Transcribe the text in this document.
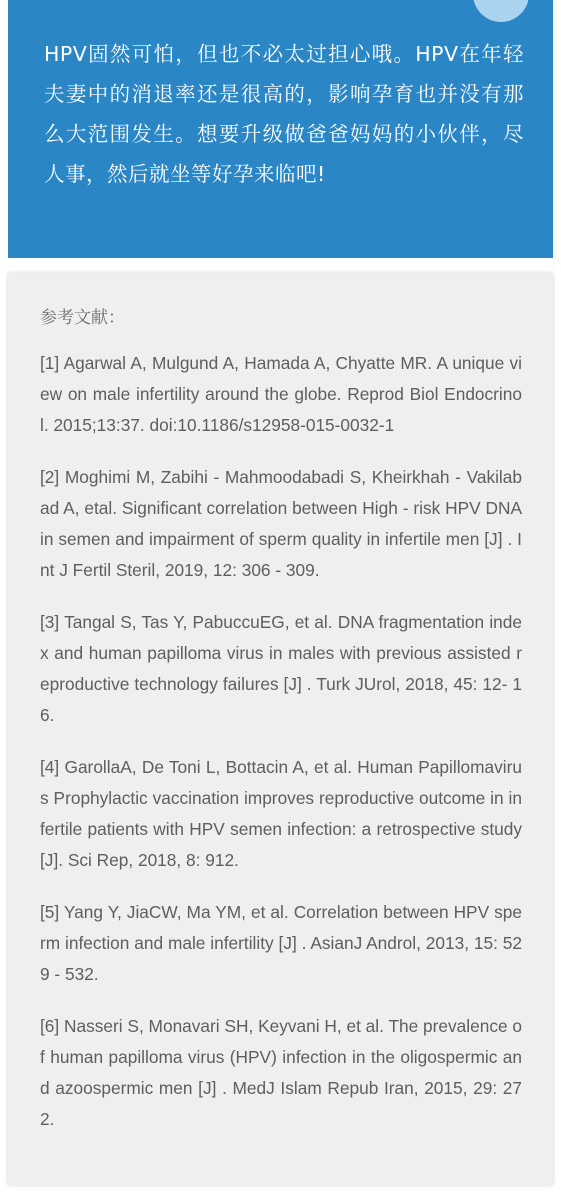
HPV固然可怕，但也不必太过担心哦。HPV在年轻夫妻中的消退率还是很高的，影响孕育也并没有那么大范围发生。想要升级做爸爸妈妈的小伙伴，尽人事，然后就坐等好孕来临吧!

参考文献：
[1] Agarwal A, Mulgund A, Hamada A, Chyatte MR. A unique view on male infertility around the globe. Reprod Biol Endocrinol. 2015;13:37. doi:10.1186/s12958-015-0032-1
[2] Moghimi M, Zabihi - Mahmoodabadi S, Kheirkhah - Vakilabad A, etal. Significant correlation between High - risk HPV DNA in semen and impairment of sperm quality in infertile men [J] . Int J Fertil Steril, 2019, 12: 306 - 309.
[3] Tangal S, Tas Y, PabuccuEG, et al. DNA fragmentation index and human papilloma virus in males with previous assisted reproductive technology failures [J] . Turk JUrol, 2018, 45: 12- 16.
[4] GarollaA, De Toni L, Bottacin A, et al. Human Papillomavirus Prophylactic vaccination improves reproductive outcome in infertile patients with HPV semen infection: a retrospective study [J]. Sci Rep, 2018, 8: 912.
[5] Yang Y, JiaCW, Ma YM, et al. Correlation between HPV sperm infection and male infertility [J] . AsianJ Androl, 2013, 15: 529 - 532.
[6] Nasseri S, Monavari SH, Keyvani H, et al. The prevalence of human papilloma virus (HPV) infection in the oligospermic and azoospermic men [J] . MedJ Islam Repub Iran, 2015, 29: 272.
